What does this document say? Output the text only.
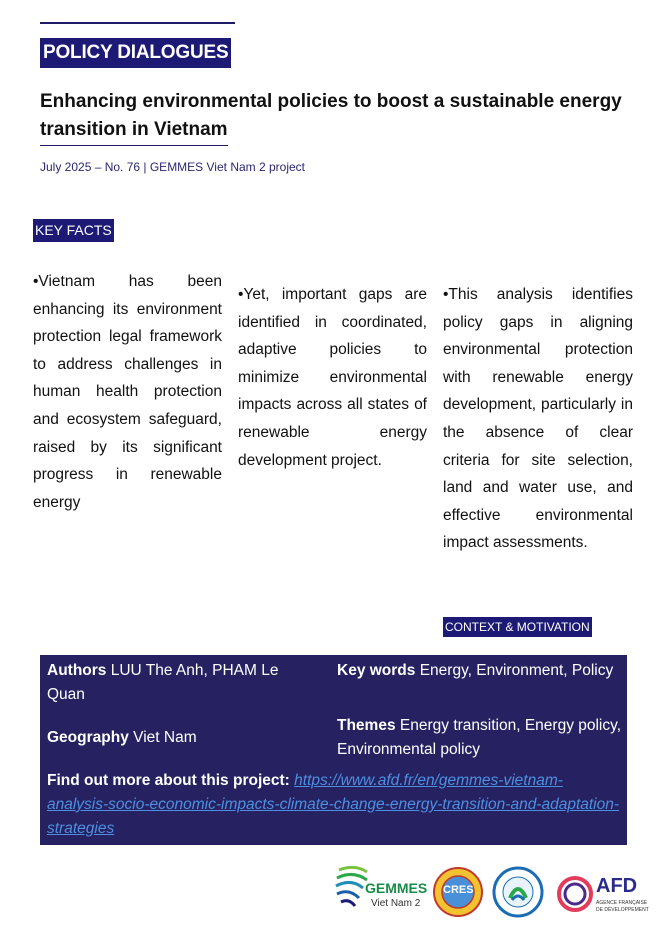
POLICY DIALOGUES
Enhancing environmental policies to boost a sustainable energy transition in Vietnam
July 2025 – No. 76 | GEMMES Viet Nam 2 project
KEY FACTS
•Vietnam has been enhancing its environment protection legal framework to address challenges in human health protection and ecosystem safeguard, raised by its significant progress in renewable energy
•Yet, important gaps are identified in coordinated, adaptive policies to minimize environmental impacts across all states of renewable energy development project.
•This analysis identifies policy gaps in aligning environmental protection with renewable energy development, particularly in the absence of clear criteria for site selection, land and water use, and effective environmental impact assessments.
CONTEXT & MOTIVATION
Authors LUU The Anh, PHAM Le Quan
Key words Energy, Environment, Policy
Geography Viet Nam
Themes Energy transition, Energy policy, Environmental policy
Find out more about this project: https://www.afd.fr/en/gemmes-vietnam-analysis-socio-economic-impacts-climate-change-energy-transition-and-adaptation-strategies
GEMMES
Viet Nam 2
CRES	AFD
AGENCE FRANÇAISE
DE DÉVELOPPEMENT
